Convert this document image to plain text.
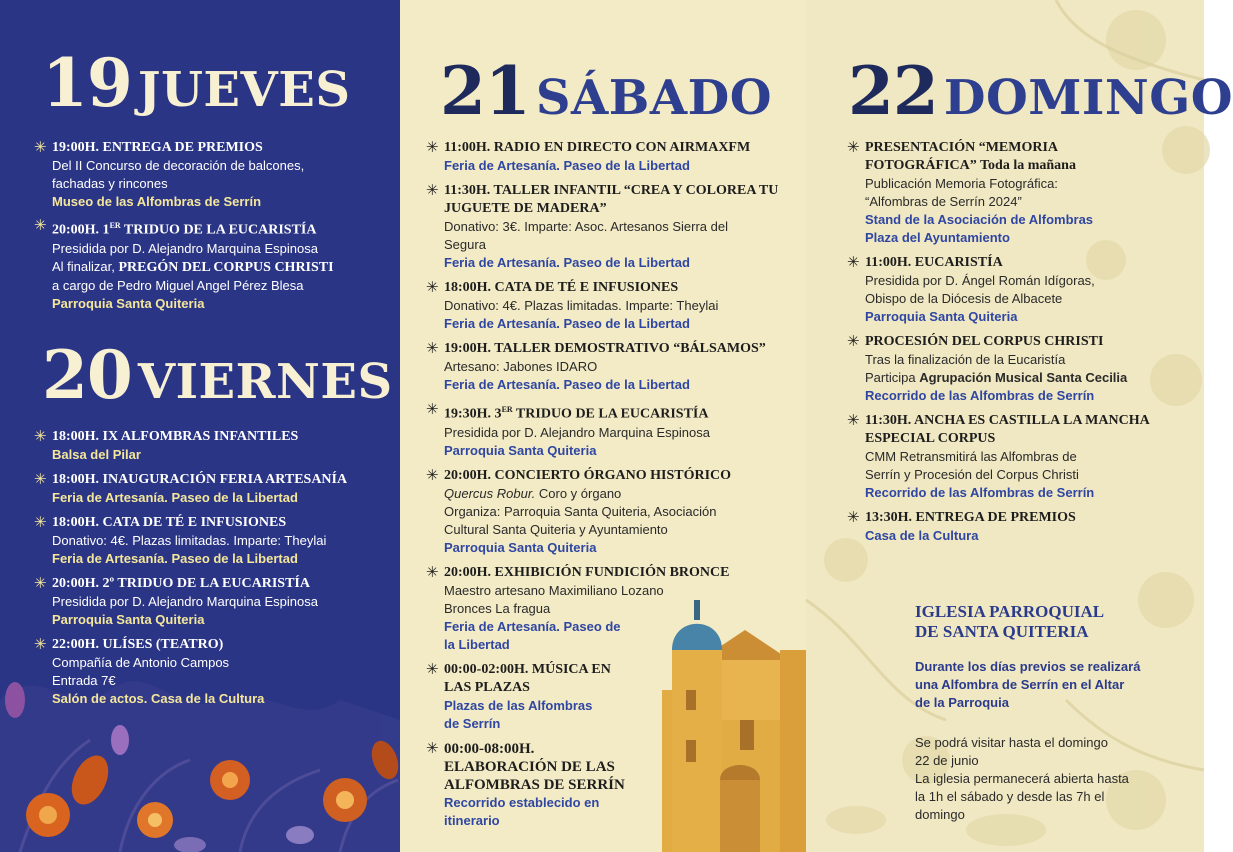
19 JUEVES
✳ 19:00H. ENTREGA DE PREMIOS
Del II Concurso de decoración de balcones,
fachadas y rincones
Museo de las Alfombras de Serrín
✳ 20:00H. 1ER TRIDUO DE LA EUCARISTÍA
Presidida por D. Alejandro Marquina Espinosa
Al finalizar, PREGÓN DEL CORPUS CHRISTI
a cargo de Pedro Miguel Angel Pérez Blesa
Parroquia Santa Quiteria
20 VIERNES
✳ 18:00H. IX ALFOMBRAS INFANTILES
Balsa del Pilar
✳ 18:00H. INAUGURACIÓN FERIA ARTESANÍA
Feria de Artesanía. Paseo de la Libertad
✳ 18:00H. CATA DE TÉ E INFUSIONES
Donativo: 4€. Plazas limitadas. Imparte: Theylai
Feria de Artesanía. Paseo de la Libertad
✳ 20:00H. 2º TRIDUO DE LA EUCARISTÍA
Presidida por D. Alejandro Marquina Espinosa
Parroquia Santa Quiteria
✳ 22:00H. ULÍSES (TEATRO)
Compañía de Antonio Campos
Entrada 7€
Salón de actos. Casa de la Cultura
21 SÁBADO
✳ 11:00H. RADIO EN DIRECTO CON AIRMAXFM
Feria de Artesanía. Paseo de la Libertad
✳ 11:30H. TALLER INFANTIL “CREA Y COLOREA TU
JUGUETE DE MADERA”
Donativo: 3€. Imparte: Asoc. Artesanos Sierra del
Segura
Feria de Artesanía. Paseo de la Libertad
✳ 18:00H. CATA DE TÉ E INFUSIONES
Donativo: 4€. Plazas limitadas. Imparte: Theylai
Feria de Artesanía. Paseo de la Libertad
✳ 19:00H. TALLER DEMOSTRATIVO “BÁLSAMOS”
Artesano: Jabones IDARO
Feria de Artesanía. Paseo de la Libertad
✳ 19:30H. 3ER TRIDUO DE LA EUCARISTÍA
Presidida por D. Alejandro Marquina Espinosa
Parroquia Santa Quiteria
✳ 20:00H. CONCIERTO ÓRGANO HISTÓRICO
Quercus Robur. Coro y órgano
Organiza: Parroquia Santa Quiteria, Asociación
Cultural Santa Quiteria y Ayuntamiento
Parroquia Santa Quiteria
✳ 20:00H. EXHIBICIÓN FUNDICIÓN BRONCE
Maestro artesano Maximiliano Lozano
Bronces La fragua
Feria de Artesanía. Paseo de
la Libertad
✳ 00:00-02:00H. MÚSICA EN
LAS PLAZAS
Plazas de las Alfombras
de Serrín
✳ 00:00-08:00H.
ELABORACIÓN DE LAS
ALFOMBRAS DE SERRÍN
Recorrido establecido en
itinerario
22 DOMINGO
✳ PRESENTACIÓN “MEMORIA
FOTOGRÁFICA” Toda la mañana
Publicación Memoria Fotográfica:
“Alfombras de Serrín 2024”
Stand de la Asociación de Alfombras
Plaza del Ayuntamiento
✳ 11:00H. EUCARISTÍA
Presidida por D. Ángel Román Idígoras,
Obispo de la Diócesis de Albacete
Parroquia Santa Quiteria
✳ PROCESIÓN DEL CORPUS CHRISTI
Tras la finalización de la Eucaristía
Participa Agrupación Musical Santa Cecilia
Recorrido de las Alfombras de Serrín
✳ 11:30H. ANCHA ES CASTILLA LA MANCHA
ESPECIAL CORPUS
CMM Retransmitirá las Alfombras de
Serrín y Procesión del Corpus Christi
Recorrido de las Alfombras de Serrín
✳ 13:30H. ENTREGA DE PREMIOS
Casa de la Cultura
IGLESIA PARROQUIAL
DE SANTA QUITERIA
Durante los días previos se realizará
una Alfombra de Serrín en el Altar
de la Parroquia
Se podrá visitar hasta el domingo
22 de junio
La iglesia permanecerá abierta hasta
la 1h el sábado y desde las 7h el
domingo
